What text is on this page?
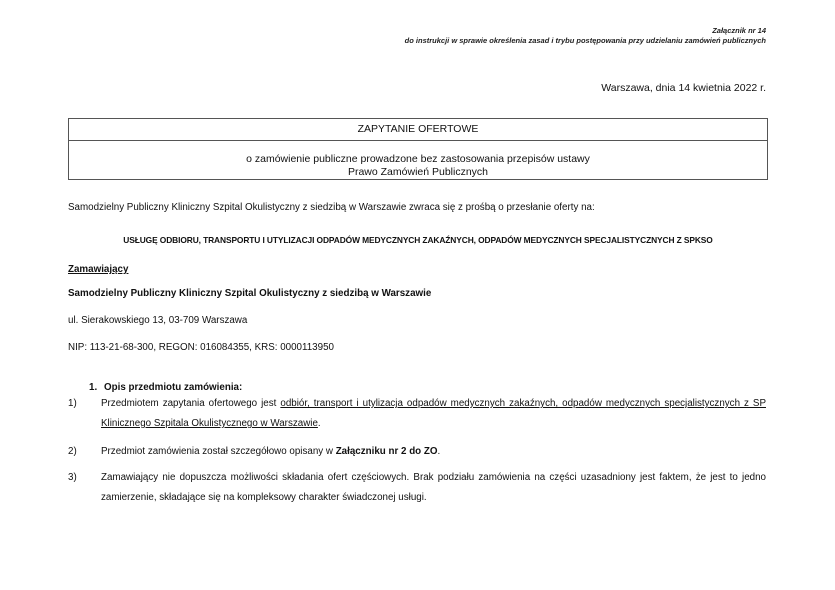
Załącznik nr 14
do instrukcji w sprawie określenia zasad i trybu postępowania przy udzielaniu zamówień publicznych
Warszawa, dnia 14 kwietnia 2022 r.
ZAPYTANIE OFERTOWE
o zamówienie publiczne prowadzone bez zastosowania przepisów ustawy
Prawo Zamówień Publicznych
Samodzielny Publiczny Kliniczny Szpital Okulistyczny z siedzibą w Warszawie zwraca się z prośbą o przesłanie oferty na:
USŁUGĘ ODBIORU, TRANSPORTU I UTYLIZACJI ODPADÓW MEDYCZNYCH ZAKAŹNYCH, ODPADÓW MEDYCZNYCH SPECJALISTYCZNYCH Z SPKSO
Zamawiający
Samodzielny Publiczny Kliniczny Szpital Okulistyczny z siedzibą w Warszawie
ul. Sierakowskiego 13, 03-709 Warszawa
NIP: 113-21-68-300, REGON: 016084355, KRS: 0000113950
1. Opis przedmiotu zamówienia:
1) Przedmiotem zapytania ofertowego jest odbiór, transport i utylizacja odpadów medycznych zakaźnych, odpadów medycznych specjalistycznych z SP Klinicznego Szpitala Okulistycznego w Warszawie.
2) Przedmiot zamówienia został szczegółowo opisany w Załączniku nr 2 do ZO.
3) Zamawiający nie dopuszcza możliwości składania ofert częściowych. Brak podziału zamówienia na części uzasadniony jest faktem, że jest to jedno zamierzenie, składające się na kompleksowy charakter świadczonej usługi.
